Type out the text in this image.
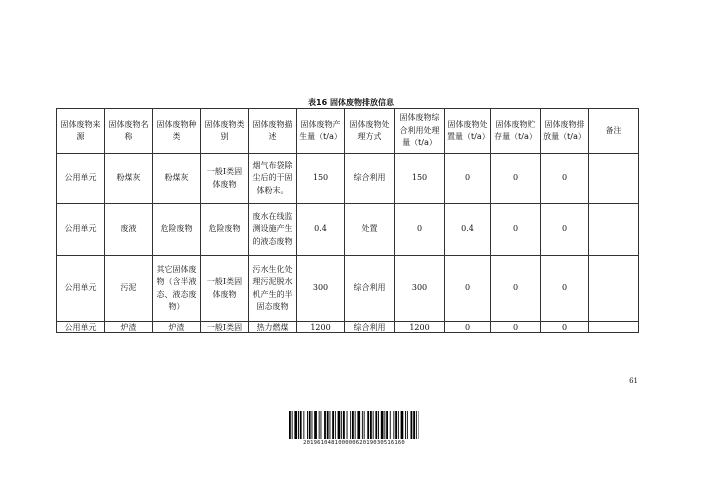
表16 固体废物排放信息
固体废物来源	固体废物名称	固体废物种类	固体废物类别	固体废物描述	固体废物产生量（t/a）	固体废物处理方式	固体废物综合利用处理量（t/a）	固体废物处置量（t/a）	固体废物贮存量（t/a）	固体废物排放量（t/a）	备注
公用单元	粉煤灰	粉煤灰	一般I类固体废物	烟气布袋除尘后的干固体粉末。	150	综合利用	150	0	0	0	
公用单元	废液	危险废物	危险废物	废水在线监测设施产生的液态废物	0.4	处置	0	0.4	0	0	
公用单元	污泥	其它固体废物（含半液态、液态废物）	一般I类固体废物	污水生化处理污泥脱水机产生的半固态废物	300	综合利用	300	0	0	0	
公用单元	炉渣	炉渣	一般I类固	热力燃煤	1200	综合利用	1200	0	0	0	
61
20196104810000062019030516160
